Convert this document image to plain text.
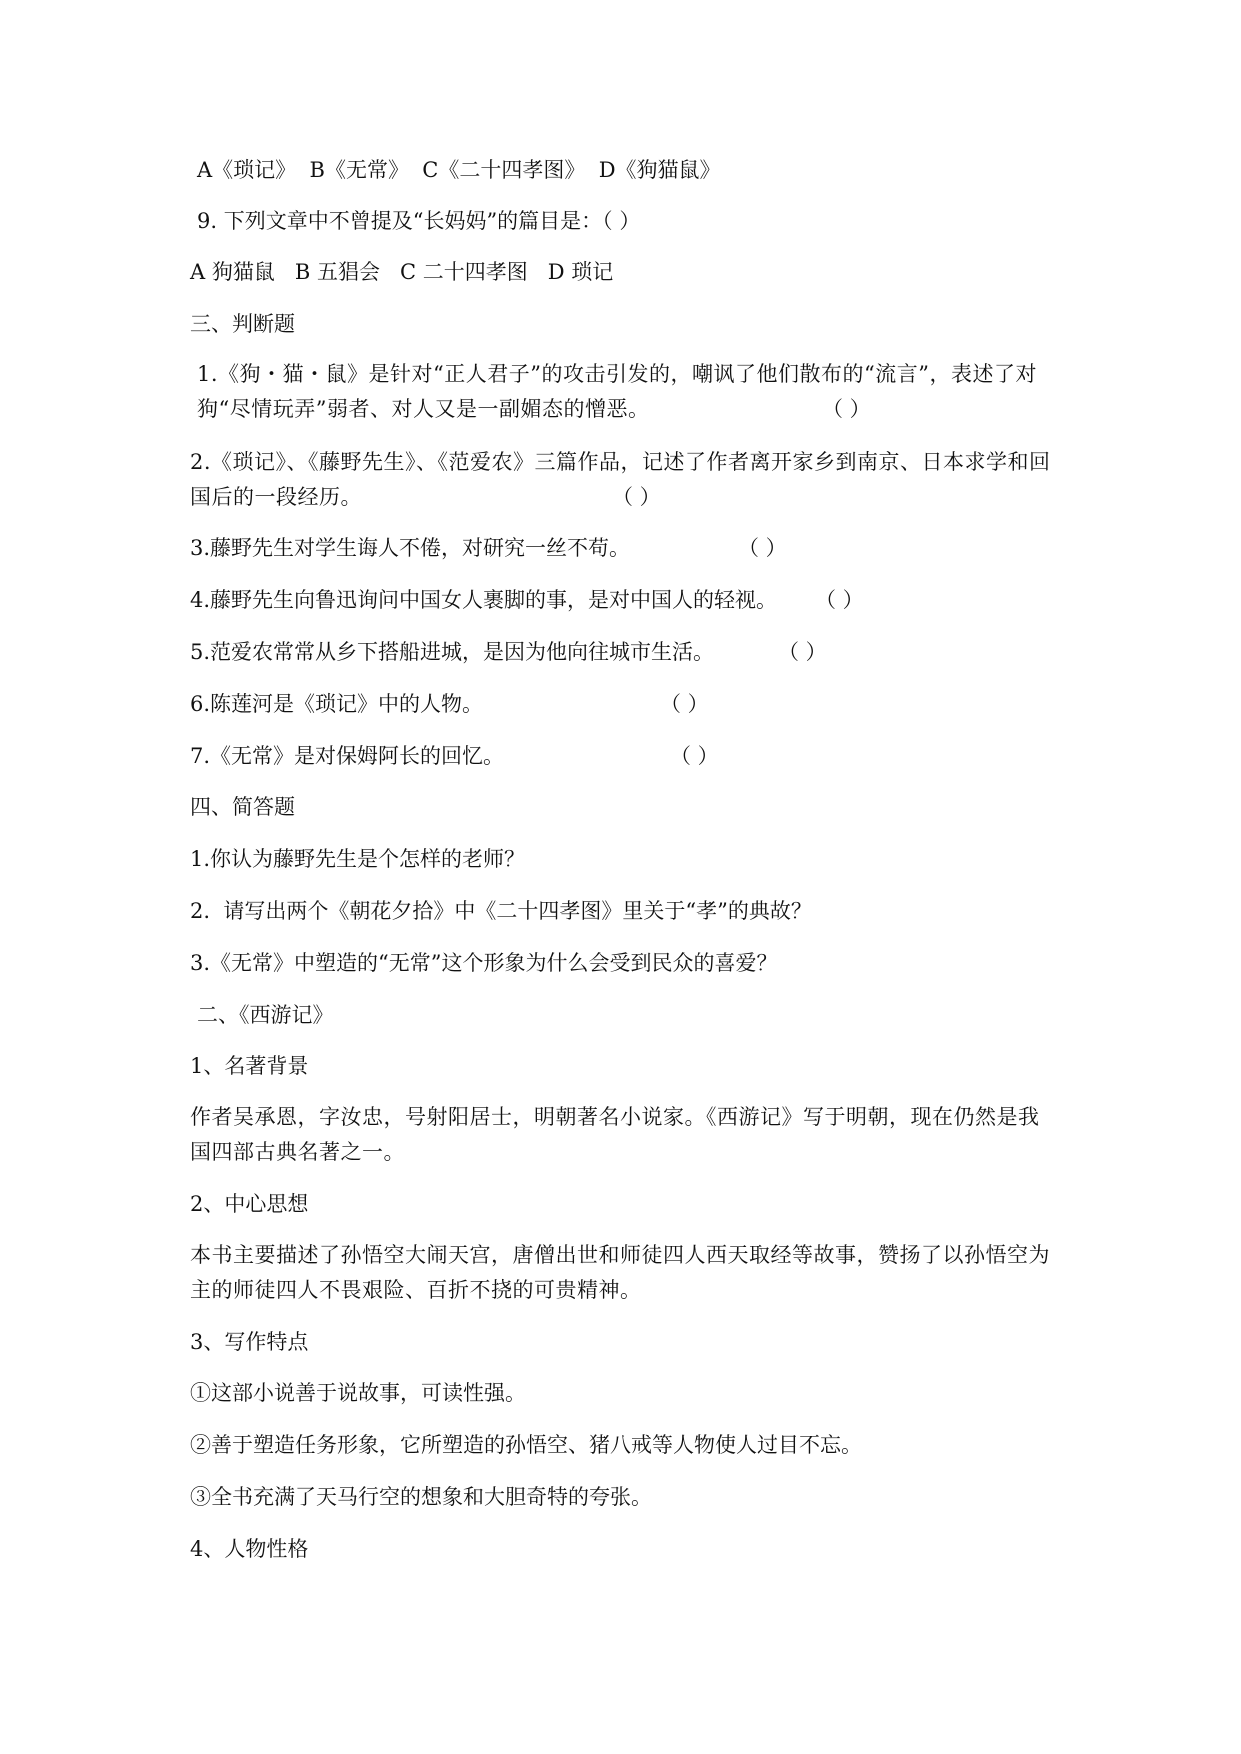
A《琐记》  B《无常》  C《二十四孝图》  D《狗猫鼠》
9. 下列文章中不曾提及“长妈妈”的篇目是：（ ）
A 狗猫鼠   B 五猖会   C 二十四孝图   D 琐记
三、判断题
1.《狗・猫・鼠》是针对“正人君子”的攻击引发的，嘲讽了他们散布的“流言”，表述了对狗“尽情玩弄”弱者、对人又是一副媚态的憎恶。	（ ）
2.《琐记》、《藤野先生》、《范爱农》三篇作品，记述了作者离开家乡到南京、日本求学和回国后的一段经历。	（ ）
3.藤野先生对学生诲人不倦，对研究一丝不苟。	（ ）
4.藤野先生向鲁迅询问中国女人裹脚的事，是对中国人的轻视。	（ ）
5.范爱农常常从乡下搭船进城，是因为他向往城市生活。	（ ）
6.陈莲河是《琐记》中的人物。	（ ）
7.《无常》是对保姆阿长的回忆。	（ ）
四、简答题
1.你认为藤野先生是个怎样的老师？
2.  请写出两个《朝花夕拾》中《二十四孝图》里关于“孝”的典故？
3.《无常》中塑造的“无常”这个形象为什么会受到民众的喜爱？
二、《西游记》
1、名著背景
作者吴承恩，字汝忠，号射阳居士，明朝著名小说家。《西游记》写于明朝，现在仍然是我国四部古典名著之一。
2、中心思想
本书主要描述了孙悟空大闹天宫，唐僧出世和师徒四人西天取经等故事，赞扬了以孙悟空为主的师徒四人不畏艰险、百折不挠的可贵精神。
3、写作特点
①这部小说善于说故事，可读性强。
②善于塑造任务形象，它所塑造的孙悟空、猪八戒等人物使人过目不忘。
③全书充满了天马行空的想象和大胆奇特的夸张。
4、人物性格
